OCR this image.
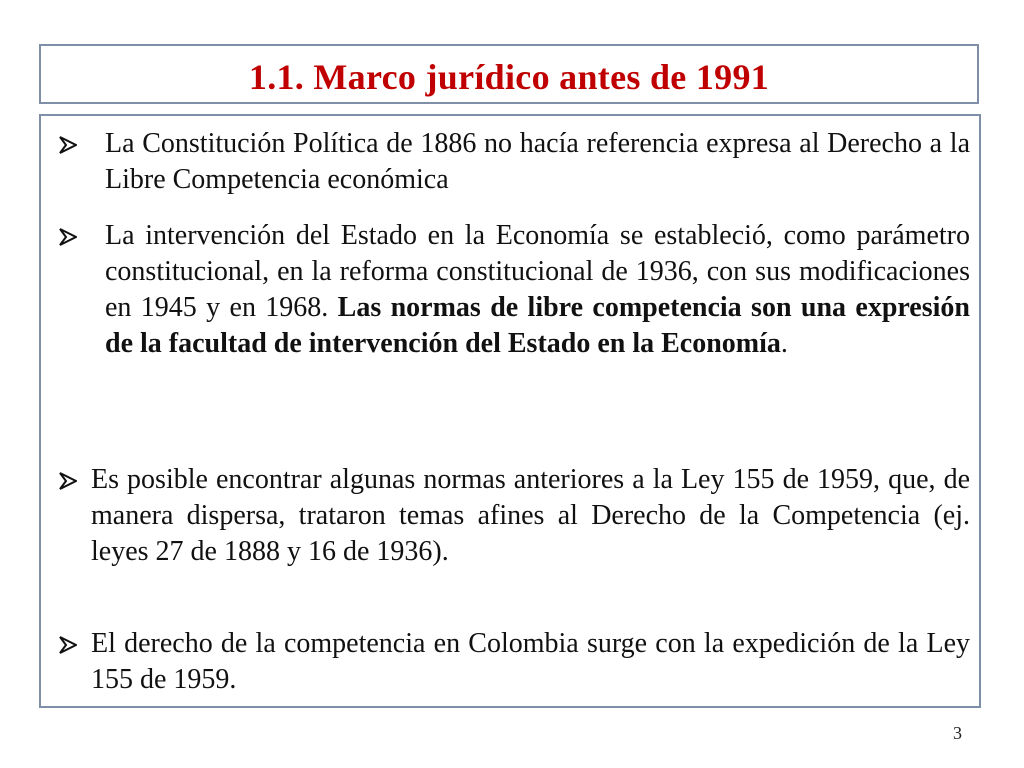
1.1. Marco jurídico antes de 1991
La Constitución Política de 1886 no hacía referencia expresa al Derecho a la Libre Competencia económica
La intervención del Estado en la Economía se estableció, como parámetro constitucional, en la reforma constitucional de 1936, con sus modificaciones en 1945 y en 1968. Las normas de libre competencia son una expresión de la facultad de intervención del Estado en la Economía.
Es posible encontrar algunas normas anteriores a la Ley 155 de 1959, que, de manera dispersa, trataron temas afines al Derecho de la Competencia (ej. leyes 27 de 1888 y 16 de 1936).
El derecho de la competencia en Colombia surge con la expedición de la Ley 155 de 1959.
3
